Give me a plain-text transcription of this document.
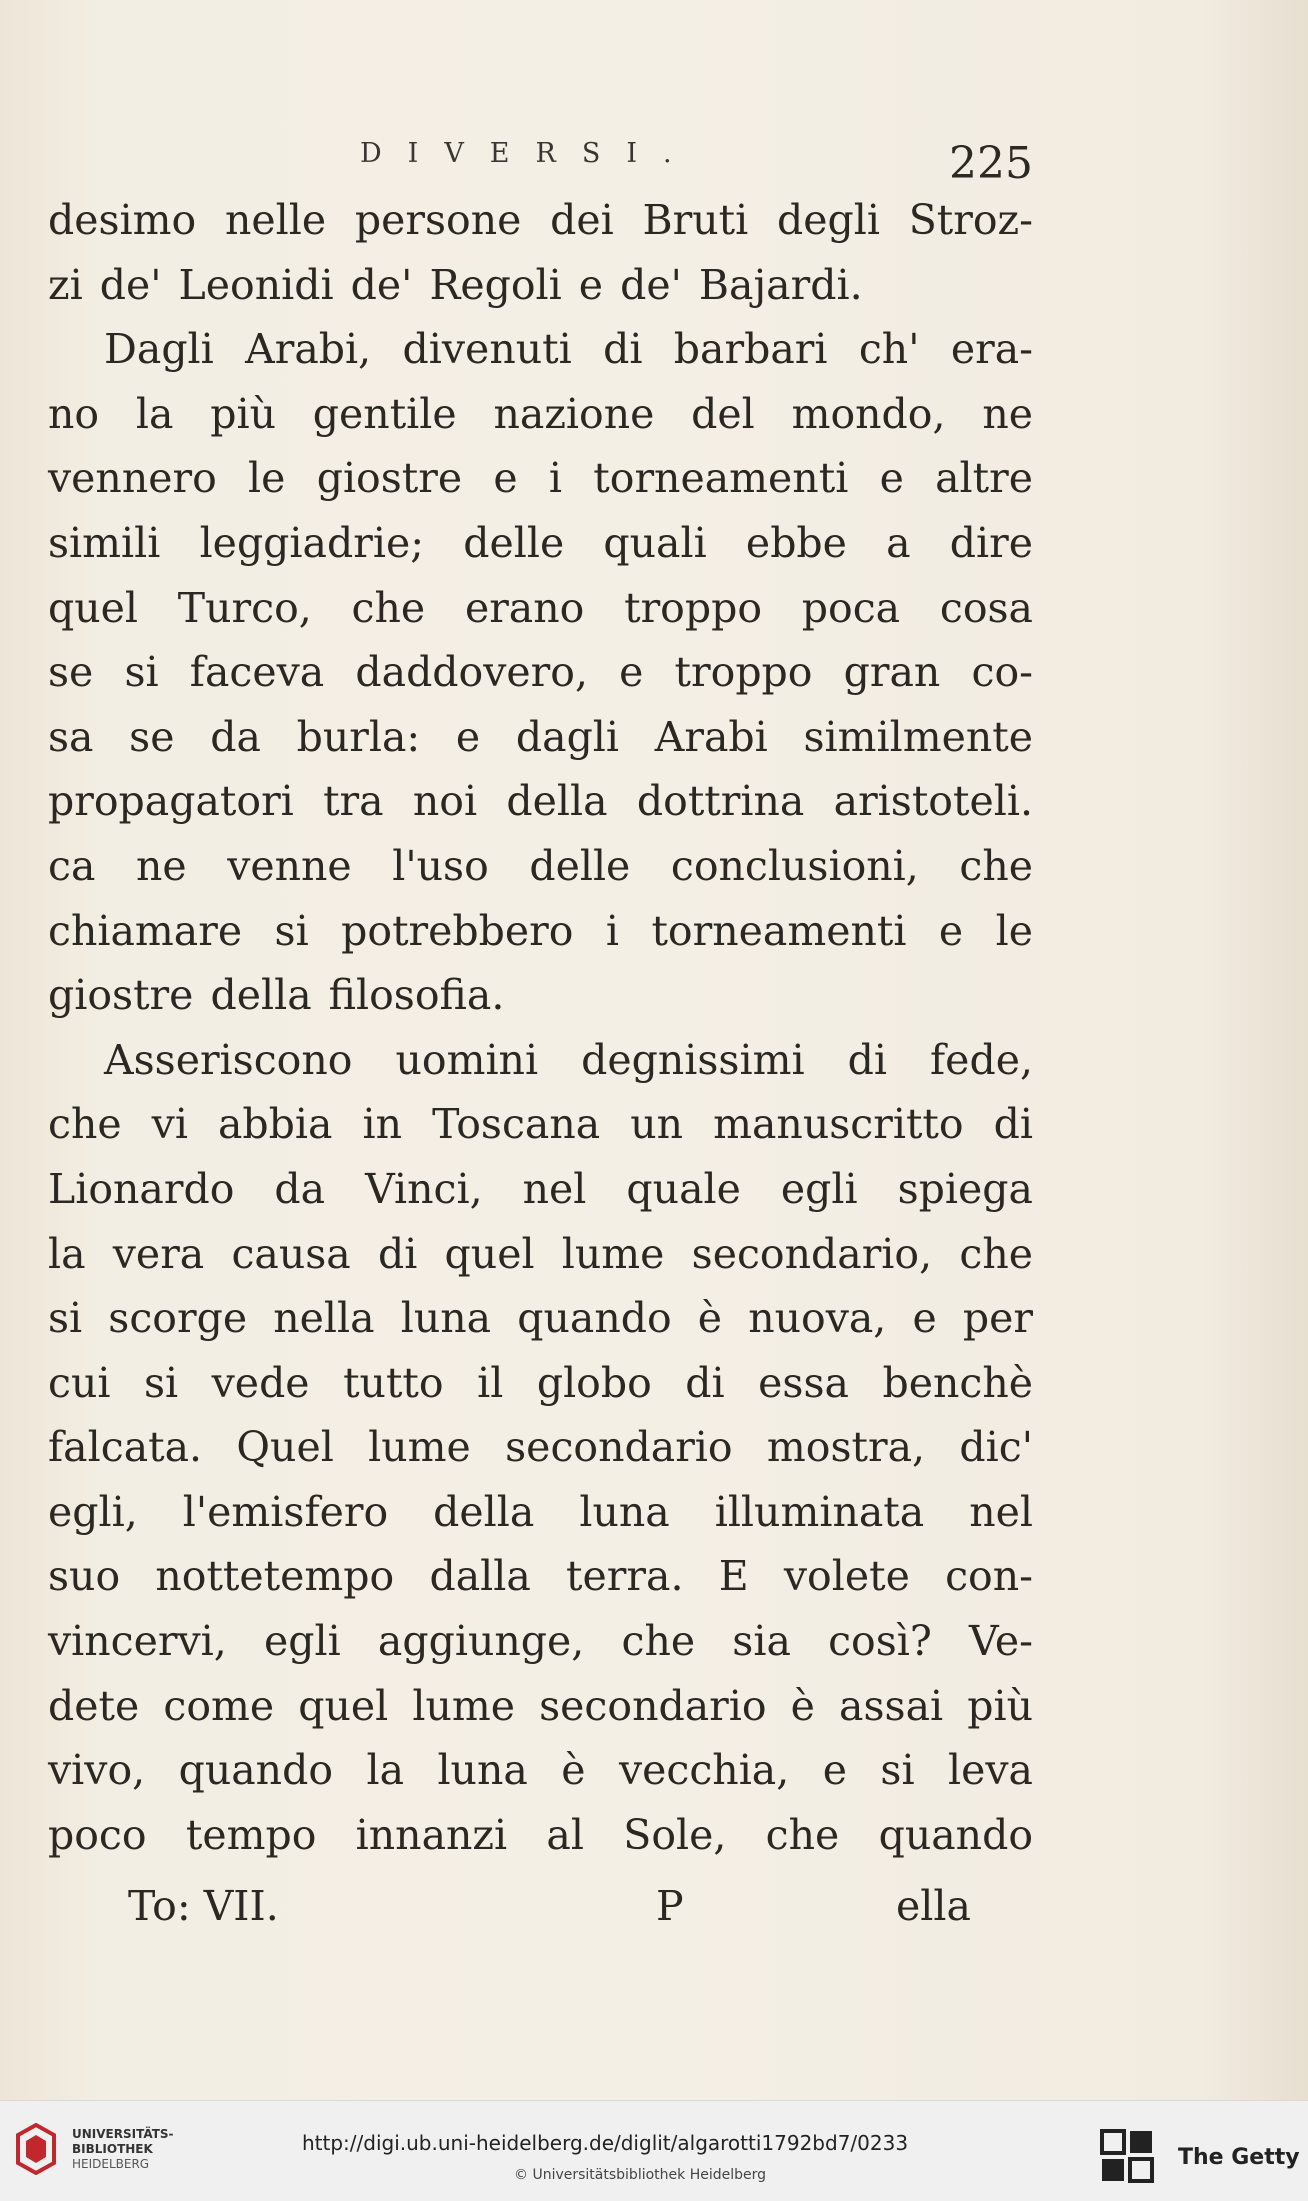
DIVERSI.	225
desimo nelle persone dei Bruti degli Stroz-
zi de' Leonidi de' Regoli e de' Bajardi.
Dagli Arabi, divenuti di barbari ch' era-
no la più gentile nazione del mondo, ne
vennero le giostre e i torneamenti e altre
simili leggiadrie; delle quali ebbe a dire
quel Turco, che erano troppo poca cosa
se si faceva daddovero, e troppo gran co-
sa se da burla: e dagli Arabi similmente
propagatori tra noi della dottrina aristoteli.
ca ne venne l'uso delle conclusioni, che
chiamare si potrebbero i torneamenti e le
giostre della filosofia.
Asseriscono uomini degnissimi di fede,
che vi abbia in Toscana un manuscritto di
Lionardo da Vinci, nel quale egli spiega
la vera causa di quel lume secondario, che
si scorge nella luna quando è nuova, e per
cui si vede tutto il globo di essa benchè
falcata. Quel lume secondario mostra, dic'
egli, l'emisfero della luna illuminata nel
suo nottetempo dalla terra. E volete con-
vincervi, egli aggiunge, che sia così? Ve-
dete come quel lume secondario è assai più
vivo, quando la luna è vecchia, e si leva
poco tempo innanzi al Sole, che quando
To: VII.	P	ella
UNIVERSITÄTS-
BIBLIOTHEK
HEIDELBERG
http://digi.ub.uni-heidelberg.de/diglit/algarotti1792bd7/0233
© Universitätsbibliothek Heidelberg
The Getty
